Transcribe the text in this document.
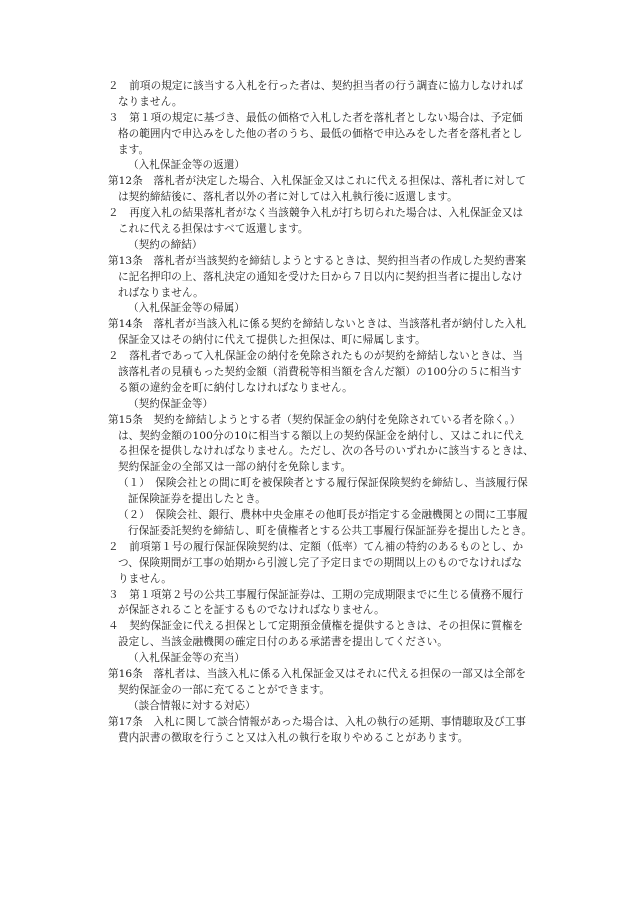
２　前項の規定に該当する入札を行った者は、契約担当者の行う調査に協力しなければ
なりません。
３　第１項の規定に基づき、最低の価格で入札した者を落札者としない場合は、予定価
格の範囲内で申込みをした他の者のうち、最低の価格で申込みをした者を落札者とし
ます。
（入札保証金等の返還）
第12条　落札者が決定した場合、入札保証金又はこれに代える担保は、落札者に対して
は契約締結後に、落札者以外の者に対しては入札執行後に返還します。
２　再度入札の結果落札者がなく当該競争入札が打ち切られた場合は、入札保証金又は
これに代える担保はすべて返還します。
（契約の締結）
第13条　落札者が当該契約を締結しようとするときは、契約担当者の作成した契約書案
に記名押印の上、落札決定の通知を受けた日から７日以内に契約担当者に提出しなけ
ればなりません。
（入札保証金等の帰属）
第14条　落札者が当該入札に係る契約を締結しないときは、当該落札者が納付した入札
保証金又はその納付に代えて提供した担保は、町に帰属します。
２　落札者であって入札保証金の納付を免除されたものが契約を締結しないときは、当
該落札者の見積もった契約金額（消費税等相当額を含んだ額）の100分の５に相当す
る額の違約金を町に納付しなければなりません。
（契約保証金等）
第15条　契約を締結しようとする者（契約保証金の納付を免除されている者を除く。）
は、契約金額の100分の10に相当する額以上の契約保証金を納付し、又はこれに代え
る担保を提供しなければなりません。ただし、次の各号のいずれかに該当するときは、
契約保証金の全部又は一部の納付を免除します。
（１）　保険会社との間に町を被保険者とする履行保証保険契約を締結し、当該履行保
証保険証券を提出したとき。
（２）　保険会社、銀行、農林中央金庫その他町長が指定する金融機関との間に工事履
行保証委託契約を締結し、町を債権者とする公共工事履行保証証券を提出したとき。
２　前項第１号の履行保証保険契約は、定額（低率）てん補の特約のあるものとし、か
つ、保険期間が工事の始期から引渡し完了予定日までの期間以上のものでなければな
りません。
３　第１項第２号の公共工事履行保証証券は、工期の完成期限までに生じる債務不履行
が保証されることを証するものでなければなりません。
４　契約保証金に代える担保として定期預金債権を提供するときは、その担保に質権を
設定し、当該金融機関の確定日付のある承諾書を提出してください。
（入札保証金等の充当）
第16条　落札者は、当該入札に係る入札保証金又はそれに代える担保の一部又は全部を
契約保証金の一部に充てることができます。
（談合情報に対する対応）
第17条　入札に関して談合情報があった場合は、入札の執行の延期、事情聴取及び工事
費内訳書の徴取を行うこと又は入札の執行を取りやめることがあります。
